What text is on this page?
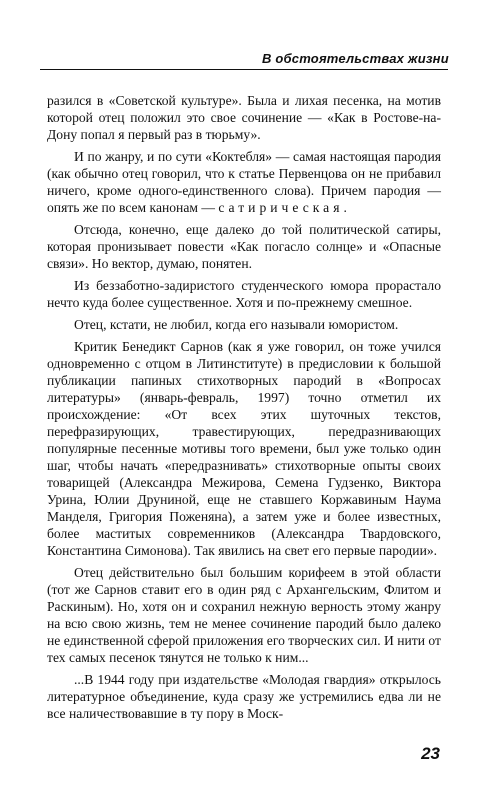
В обстоятельствах жизни

разился в «Советской культуре». Была и лихая песенка, на мотив которой отец положил это свое сочинение — «Как в Ростове-на-Дону попал я первый раз в тюрьму».

И по жанру, и по сути «Коктебля» — самая настоящая пародия (как обычно отец говорил, что к статье Первенцова он не прибавил ничего, кроме одного-единственного слова). Причем пародия — опять же по всем канонам — сатирическая.

Отсюда, конечно, еще далеко до той политической сатиры, которая пронизывает повести «Как погасло солнце» и «Опасные связи». Но вектор, думаю, понятен.

Из беззаботно-задиристого студенческого юмора прорастало нечто куда более существенное. Хотя и по-прежнему смешное.

Отец, кстати, не любил, когда его называли юмористом.

Критик Бенедикт Сарнов (как я уже говорил, он тоже учился одновременно с отцом в Литинституте) в предисловии к большой публикации папиных стихотворных пародий в «Вопросах литературы» (январь-февраль, 1997) точно отметил их происхождение: «От всех этих шуточных текстов, перефразирующих, травестирующих, передразнивающих популярные песенные мотивы того времени, был уже только один шаг, чтобы начать «передразнивать» стихотворные опыты своих товарищей (Александра Межирова, Семена Гудзенко, Виктора Урина, Юлии Друниной, еще не ставшего Коржавиным Наума Манделя, Григория Поженяна), а затем уже и более известных, более маститых современников (Александра Твардовского, Константина Симонова). Так явились на свет его первые пародии».

Отец действительно был большим корифеем в этой области (тот же Сарнов ставит его в один ряд с Архангельским, Флитом и Раскиным). Но, хотя он и сохранил нежную верность этому жанру на всю свою жизнь, тем не менее сочинение пародий было далеко не единственной сферой приложения его творческих сил. И нити от тех самых песенок тянутся не только к ним...

...В 1944 году при издательстве «Молодая гвардия» открылось литературное объединение, куда сразу же устремились едва ли не все наличествовавшие в ту пору в Моск-

23
